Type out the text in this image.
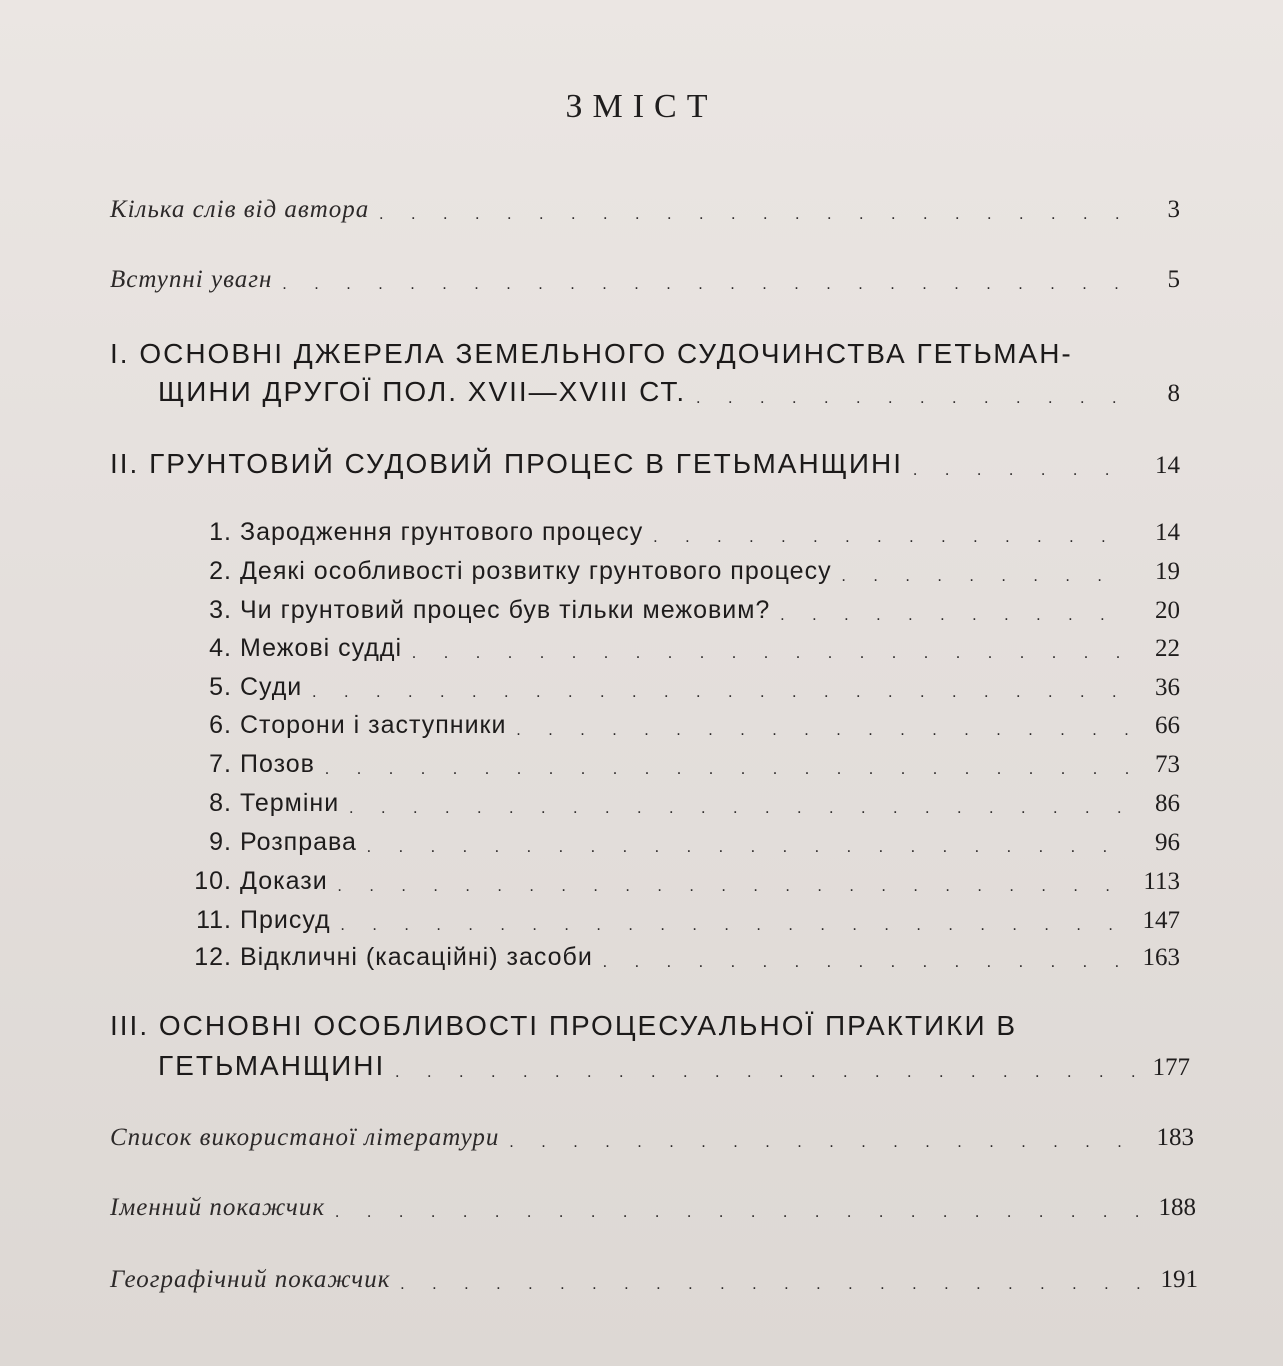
ЗМІСТ
Кілька слів від автора . . .	3
Вступні увагн . . .	5
I. ОСНОВНІ ДЖЕРЕЛА ЗЕМЕЛЬНОГО СУДОЧИНСТВА ГЕТЬМАН-
ЩИНИ ДРУГОЇ ПОЛ. XVII—XVIII СТ. . . .	8
II. ГРУНТОВИЙ СУДОВИЙ ПРОЦЕС В ГЕТЬМАНЩИНІ . . .	14
1. Зародження грунтового процесу . . .	14
2. Деякі особливості розвитку грунтового процесу . . .	19
3. Чи грунтовий процес був тільки межовим? . . .	20
4. Межові судді . . .	22
5. Суди . . .	36
6. Сторони і заступники . . .	66
7. Позов . . .	73
8. Терміни . . .	86
9. Розправа . . .	96
10. Докази . . .	113
11. Присуд . . .	147
12. Відкличні (касаційні) засоби . . .	163
III. ОСНОВНІ ОСОБЛИВОСТІ ПРОЦЕСУАЛЬНОЇ ПРАКТИКИ В
ГЕТЬМАНЩИНІ . . .	177
Список використаної літератури . . .	183
Іменний покажчик . . .	188
Географічний покажчик . . .	191
